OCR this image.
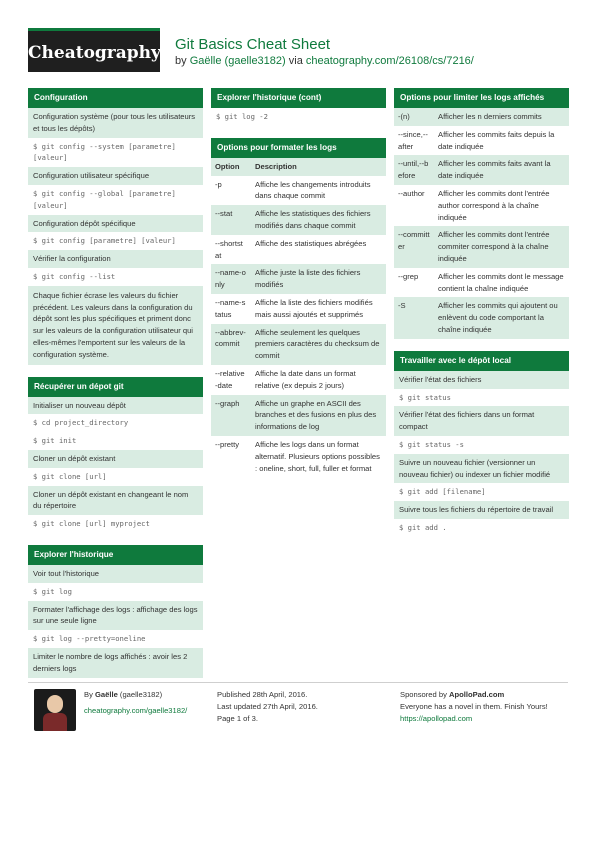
Cheatography Git Basics Cheat Sheet
by Gaëlle (gaelle3182) via cheatography.com/26108/cs/7216/
Configuration
Configuration système (pour tous les utilisateurs et tous les dépôts)
$ git config --system [parametre] [valeur]
Configuration utilisateur spécifique
$ git config --global [parametre] [valeur]
Configuration dépôt spécifique
$ git config [parametre] [valeur]
Vérifier la configuration
$ git config --list
Chaque fichier écrase les valeurs du fichier précédent. Les valeurs dans la configuration du dépôt sont les plus spécifiques et priment donc sur les valeurs de la configuration utilisateur qui elles-mêmes l'emportent sur les valeurs de la configuration système.
Récupérer un dépot git
Initialiser un nouveau dépôt
$ cd project_directory
$ git init
Cloner un dépôt existant
$ git clone [url]
Cloner un dépôt existant en changeant le nom du répertoire
$ git clone [url] myproject
Explorer l'historique
Voir tout l'historique
$ git log
Formater l'affichage des logs : affichage des logs sur une seule ligne
$ git log --pretty=oneline
Limiter le nombre de logs affichés : avoir les 2 derniers logs
Explorer l'historique (cont)
$ git log -2
Options pour formater les logs
Option	Description
-p	Affiche les changements introduits dans chaque commit
--stat	Affiche les statistiques des fichiers modifiés dans chaque commit
--shortstat	Affiche des statistiques abrégées
--name-only	Affiche juste la liste des fichiers modifiés
--name-status	Affiche la liste des fichiers modifiés mais aussi ajoutés et supprimés
--abbrev-commit	Affiche seulement les quelques premiers caractères du checksum de commit
--relative-date	Affiche la date dans un format relative (ex depuis 2 jours)
--graph	Affiche un graphe en ASCII des branches et des fusions en plus des informations de log
--pretty	Affiche les logs dans un format alternatif. Plusieurs options possibles : oneline, short, full, fuller et format
Options pour limiter les logs affichés
-(n)	Afficher les n derniers commits
--since,--after	Afficher les commits faits depuis la date indiquée
--until,--before	Afficher les commits faits avant la date indiquée
--author	Afficher les commits dont l'entrée author correspond à la chaîne indiquée
--committer	Afficher les commits dont l'entrée commiter correspond à la chaîne indiquée
--grep	Afficher les commits dont le message contient la chaîne indiquée
-S	Afficher les commits qui ajoutent ou enlèvent du code comportant la chaîne indiquée
Travailler avec le dépôt local
Vérifier l'état des fichiers
$ git status
Vérifier l'état des fichiers dans un format compact
$ git status -s
Suivre un nouveau fichier (versionner un nouveau fichier) ou indexer un fichier modifié
$ git add [filename]
Suivre tous les fichiers du répertoire de travail
$ git add .
By Gaëlle (gaelle3182)
cheatography.com/gaelle3182/
Published 28th April, 2016.
Last updated 27th April, 2016.
Page 1 of 3.
Sponsored by ApolloPad.com
Everyone has a novel in them. Finish Yours!
https://apollopad.com
